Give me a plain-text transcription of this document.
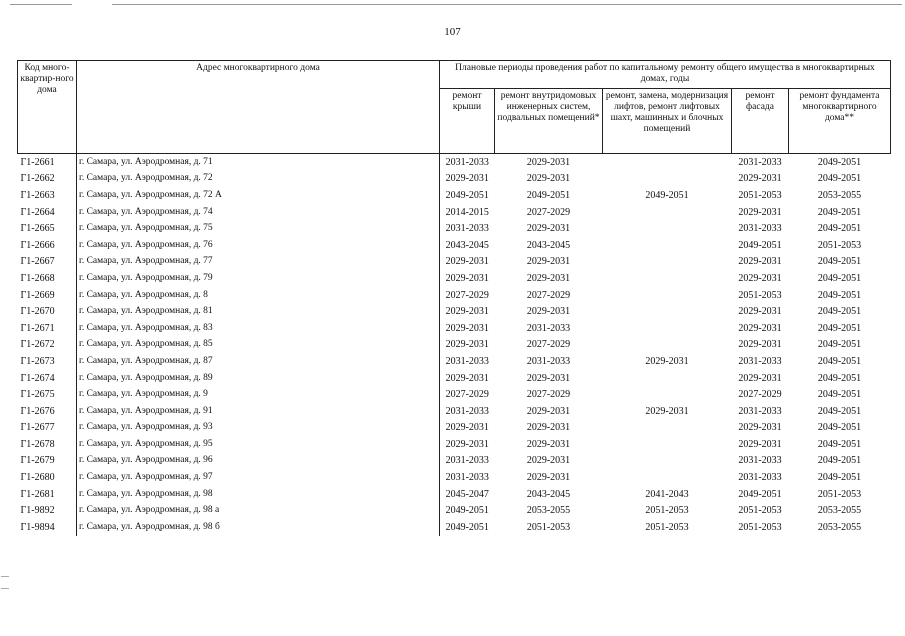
107
Код много-квартир-ного дома	Адрес многоквартирного дома	Плановые периоды проведения работ по капитальному ремонту общего имущества в многоквартирных домах, годы				
		ремонт крыши	ремонт внутридомовых инженерных систем, подвальных помещений*	ремонт, замена, модернизация лифтов, ремонт лифтовых шахт, машинных и блочных помещений	ремонт фасада	ремонт фундамента многоквартирного дома**
Г1-2661	г. Самара, ул. Аэродромная, д. 71	2031-2033	2029-2031		2031-2033	2049-2051
Г1-2662	г. Самара, ул. Аэродромная, д. 72	2029-2031	2029-2031		2029-2031	2049-2051
Г1-2663	г. Самара, ул. Аэродромная, д. 72 А	2049-2051	2049-2051	2049-2051	2051-2053	2053-2055
Г1-2664	г. Самара, ул. Аэродромная, д. 74	2014-2015	2027-2029		2029-2031	2049-2051
Г1-2665	г. Самара, ул. Аэродромная, д. 75	2031-2033	2029-2031		2031-2033	2049-2051
Г1-2666	г. Самара, ул. Аэродромная, д. 76	2043-2045	2043-2045		2049-2051	2051-2053
Г1-2667	г. Самара, ул. Аэродромная, д. 77	2029-2031	2029-2031		2029-2031	2049-2051
Г1-2668	г. Самара, ул. Аэродромная, д. 79	2029-2031	2029-2031		2029-2031	2049-2051
Г1-2669	г. Самара, ул. Аэродромная, д. 8	2027-2029	2027-2029		2051-2053	2049-2051
Г1-2670	г. Самара, ул. Аэродромная, д. 81	2029-2031	2029-2031		2029-2031	2049-2051
Г1-2671	г. Самара, ул. Аэродромная, д. 83	2029-2031	2031-2033		2029-2031	2049-2051
Г1-2672	г. Самара, ул. Аэродромная, д. 85	2029-2031	2027-2029		2029-2031	2049-2051
Г1-2673	г. Самара, ул. Аэродромная, д. 87	2031-2033	2031-2033	2029-2031	2031-2033	2049-2051
Г1-2674	г. Самара, ул. Аэродромная, д. 89	2029-2031	2029-2031		2029-2031	2049-2051
Г1-2675	г. Самара, ул. Аэродромная, д. 9	2027-2029	2027-2029		2027-2029	2049-2051
Г1-2676	г. Самара, ул. Аэродромная, д. 91	2031-2033	2029-2031	2029-2031	2031-2033	2049-2051
Г1-2677	г. Самара, ул. Аэродромная, д. 93	2029-2031	2029-2031		2029-2031	2049-2051
Г1-2678	г. Самара, ул. Аэродромная, д. 95	2029-2031	2029-2031		2029-2031	2049-2051
Г1-2679	г. Самара, ул. Аэродромная, д. 96	2031-2033	2029-2031		2031-2033	2049-2051
Г1-2680	г. Самара, ул. Аэродромная, д. 97	2031-2033	2029-2031		2031-2033	2049-2051
Г1-2681	г. Самара, ул. Аэродромная, д. 98	2045-2047	2043-2045	2041-2043	2049-2051	2051-2053
Г1-9892	г. Самара, ул. Аэродромная, д. 98 а	2049-2051	2053-2055	2051-2053	2051-2053	2053-2055
Г1-9894	г. Самара, ул. Аэродромная, д. 98 б	2049-2051	2051-2053	2051-2053	2051-2053	2053-2055
